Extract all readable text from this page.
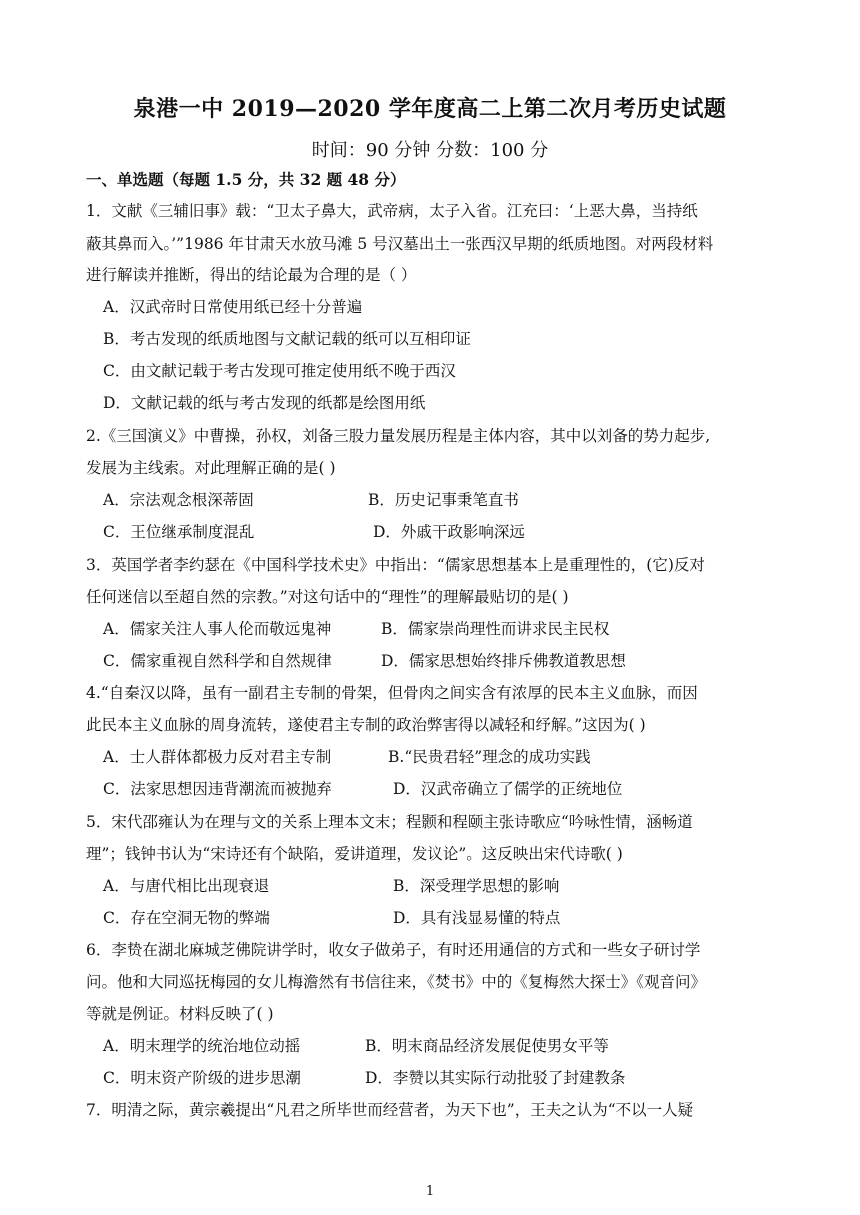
泉港一中 2019—2020 学年度高二上第二次月考历史试题
时间：90 分钟 分数：100 分
一、单选题（每题 1.5 分，共 32 题 48 分）
1．文献《三辅旧事》载：“卫太子鼻大，武帝病，太子入省。江充曰：‘上恶大鼻，当持纸
蔽其鼻而入。’”1986 年甘肃天水放马滩 5 号汉墓出土一张西汉早期的纸质地图。对两段材料
进行解读并推断，得出的结论最为合理的是（ ）
A．汉武帝时日常使用纸已经十分普遍
B．考古发现的纸质地图与文献记载的纸可以互相印证
C．由文献记载于考古发现可推定使用纸不晚于西汉
D．文献记载的纸与考古发现的纸都是绘图用纸
2.《三国演义》中曹操，孙权，刘备三股力量发展历程是主体内容，其中以刘备的势力起步,
发展为主线索。对此理解正确的是( )
A．宗法观念根深蒂固	B．历史记事秉笔直书
C．王位继承制度混乱	D．外戚干政影响深远
3．英国学者李约瑟在《中国科学技术史》中指出：“儒家思想基本上是重理性的，(它)反对
任何迷信以至超自然的宗教。”对这句话中的“理性”的理解最贴切的是( )
A．儒家关注人事人伦而敬远鬼神	B．儒家崇尚理性而讲求民主民权
C．儒家重视自然科学和自然规律	D．儒家思想始终排斥佛教道教思想
4.“自秦汉以降，虽有一副君主专制的骨架，但骨肉之间实含有浓厚的民本主义血脉，而因
此民本主义血脉的周身流转，遂使君主专制的政治弊害得以减轻和纾解。”这因为( )
A．士人群体都极力反对君主专制	B.“民贵君轻”理念的成功实践
C．法家思想因违背潮流而被抛弃	D．汉武帝确立了儒学的正统地位
5．宋代邵雍认为在理与文的关系上理本文末；程颢和程颐主张诗歌应“吟咏性情，涵畅道
理”；钱钟书认为“宋诗还有个缺陷，爱讲道理，发议论”。这反映出宋代诗歌( )
A．与唐代相比出现衰退	B．深受理学思想的影响
C．存在空洞无物的弊端	D．具有浅显易懂的特点
6．李贽在湖北麻城芝佛院讲学时，收女子做弟子，有时还用通信的方式和一些女子研讨学
问。他和大同巡抚梅园的女儿梅澹然有书信往来，《焚书》中的《复梅然大探士》《观音问》
等就是例证。材料反映了( )
A．明末理学的统治地位动摇	B．明末商品经济发展促使男女平等
C．明末资产阶级的进步思潮	D．李赞以其实际行动批驳了封建教条
7．明清之际，黄宗羲提出“凡君之所毕世而经营者，为天下也”，王夫之认为“不以一人疑
1
